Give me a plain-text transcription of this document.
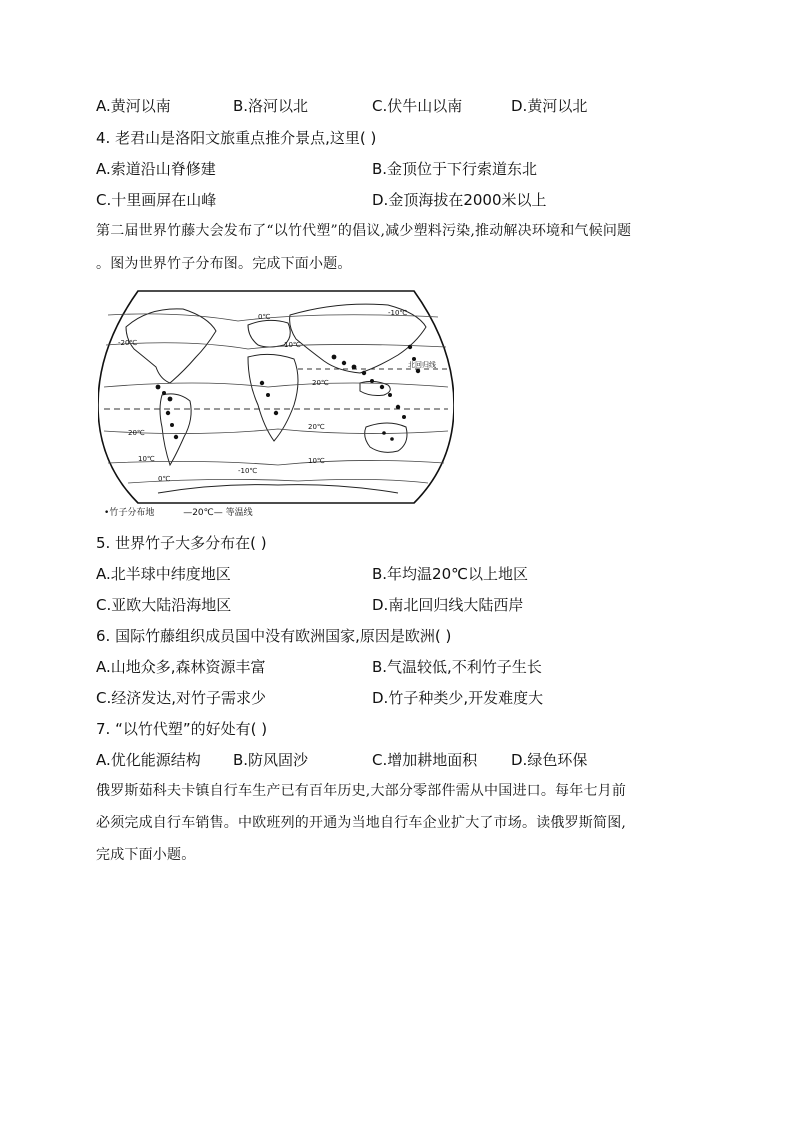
A.黄河以南	B.洛河以北	C.伏牛山以南	D.黄河以北
4. 老君山是洛阳文旅重点推介景点,这里( )
A.索道沿山脊修建	B.金顶位于下行索道东北
C.十里画屏在山峰	D.金顶海拔在2000米以上
第二届世界竹藤大会发布了“以竹代塑”的倡议,减少塑料污染,推动解决环境和气候问题
。图为世界竹子分布图。完成下面小题。
0℃
10℃
20℃
20℃
10℃
0℃
10℃
-10℃
20℃
-20℃
-10℃
北回归线
•竹子分布地	—20℃— 等温线
5. 世界竹子大多分布在( )
A.北半球中纬度地区	B.年均温20℃以上地区
C.亚欧大陆沿海地区	D.南北回归线大陆西岸
6. 国际竹藤组织成员国中没有欧洲国家,原因是欧洲( )
A.山地众多,森林资源丰富	B.气温较低,不利竹子生长
C.经济发达,对竹子需求少	D.竹子种类少,开发难度大
7. “以竹代塑”的好处有( )
A.优化能源结构 B.防风固沙	C.增加耕地面积 D.绿色环保
俄罗斯茹科夫卡镇自行车生产已有百年历史,大部分零部件需从中国进口。每年七月前
必须完成自行车销售。中欧班列的开通为当地自行车企业扩大了市场。读俄罗斯简图,
完成下面小题。
